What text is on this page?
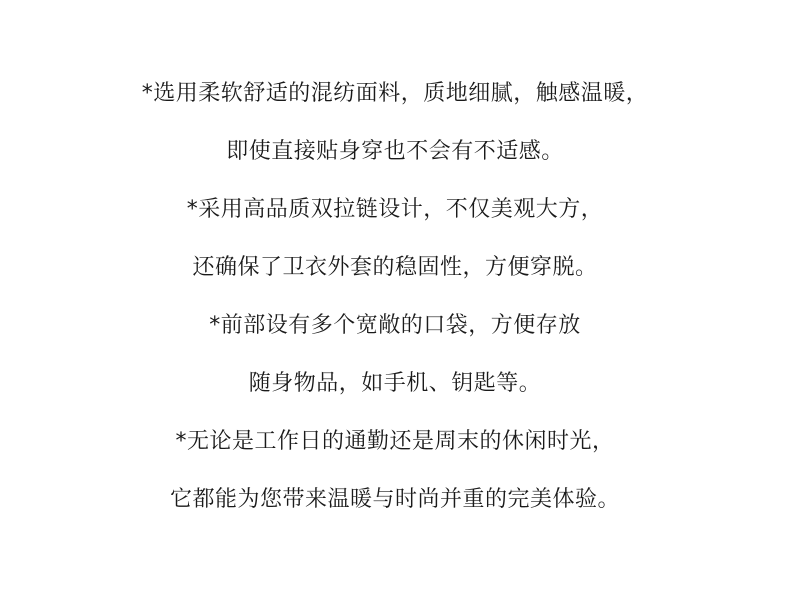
*选用柔软舒适的混纺面料，质地细腻，触感温暖，
即使直接贴身穿也不会有不适感。
*采用高品质双拉链设计，不仅美观大方，
还确保了卫衣外套的稳固性，方便穿脱。
*前部设有多个宽敞的口袋，方便存放
随身物品，如手机、钥匙等。
*无论是工作日的通勤还是周末的休闲时光，
它都能为您带来温暖与时尚并重的完美体验。
